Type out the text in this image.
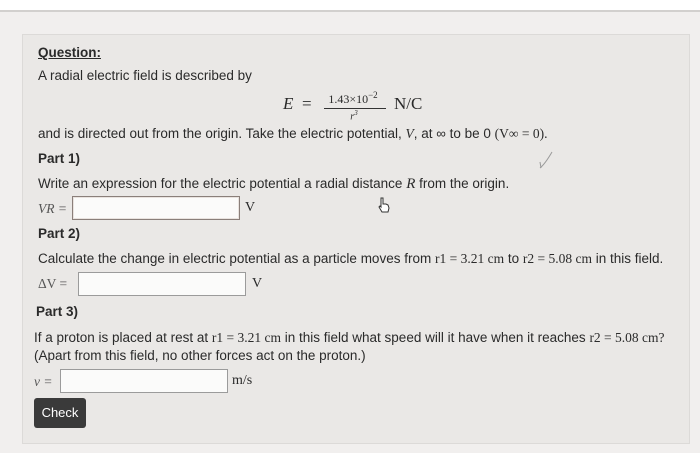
Question:
A radial electric field is described by
E =	$1.43\times 10^{-2}$
$r^3$	N/C
and is directed out from the origin. Take the electric potential, V, at ∞ to be 0 (V∞ = 0).
Part 1)
Write an expression for the electric potential a radial distance R from the origin.
VR =	V
Part 2)
Calculate the change in electric potential as a particle moves from r1 = 3.21 cm to r2 = 5.08 cm in this field.
ΔV =	V
Part 3)
If a proton is placed at rest at r1 = 3.21 cm in this field what speed will it have when it reaches r2 = 5.08 cm?
(Apart from this field, no other forces act on the proton.)
v =	m/s
Check
